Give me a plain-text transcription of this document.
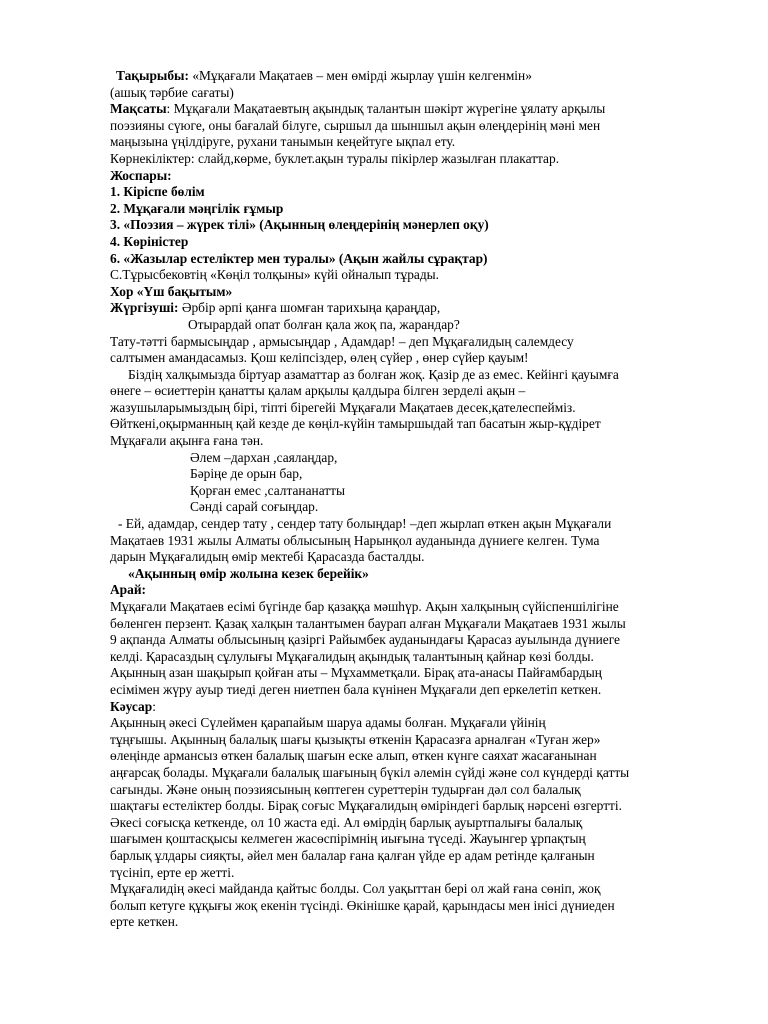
Тақырыбы: «Мұқағали Мақатаев – мен өмірді жырлау үшін келгенмін»
(ашық тәрбие сағаты)
Мақсаты: Мұқағали Мақатаевтың ақындық талантын шәкірт жүрегіне ұялату арқылы
поэзияны сүюге, оны бағалай білуге, сыршыл да шыншыл ақын өлеңдерінің мәні мен
маңызына үңілдіруге, рухани танымын кеңейтуге ықпал ету.
Көрнекіліктер: слайд,көрме, буклет.ақын туралы пікірлер жазылған плакаттар.
Жоспары:
1. Кіріспе бөлім
2. Мұқағали мәңгілік ғұмыр
3. «Поэзия – жүрек тілі» (Ақынның өлеңдерінің мәнерлеп оқу)
4. Көріністер
6. «Жазылар естеліктер мен туралы» (Ақын жайлы сұрақтар)
С.Тұрысбековтің «Көңіл толқыны» күйі ойналып тұрады.
Хор «Үш бақытым»
Жүргізуші: Әрбір әрпі қанға шомған тарихыңа қараңдар,
Отырардай опат болған қала жоқ па, жарандар?
Тату-тәтті бармысыңдар , армысыңдар , Адамдар! – деп Мұқағалидың салемдесу
салтымен амандасамыз. Қош келіпсіздер, өлең сүйер , өнер сүйер қауым!
Біздің халқымызда біртуар азаматтар аз болған жоқ. Қазір де аз емес. Кейінгі қауымға
өнеге – өсиеттерін қанатты қалам арқылы қалдыра білген зерделі ақын –
жазушыларымыздың бірі, тіпті бірегейі Мұқағали Мақатаев десек,қателеспейміз.
Өйткені,оқырманның қай кезде де көңіл-күйін тамыршыдай тап басатын жыр-құдірет
Мұқағали ақынға ғана тән.
Әлем –дархан ,саялаңдар,
Бәріңе де орын бар,
Қорған емес ,салтананатты
Сәнді сарай соғыңдар.
- Ей, адамдар, сендер тату , сендер тату болыңдар! –деп жырлап өткен ақын Мұқағали
Мақатаев 1931 жылы Алматы облысының Нарынқол ауданында дүниеге келген. Тума
дарын Мұқағалидың өмір мектебі Қарасазда басталды.
«Ақынның өмір жолына кезек берейік»
Арай:
Мұқағали Мақатаев есімі бүгінде бар қазаққа мәшһүр. Ақын халқының сүйіспеншілігіне
бөленген перзент. Қазақ халқын талантымен баурап алған Мұқағали Мақатаев 1931 жылы
9 ақпанда Алматы облысының қазіргі Райымбек ауданындағы Қарасаз ауылында дүниеге
келді. Қарасаздың сұлулығы Мұқағалидың ақындық талантының қайнар көзі болды.
Ақынның азан шақырып қойған аты – Мұхамметқали. Бірақ ата-анасы Пайғамбардың
есімімен жүру ауыр тиеді деген ниетпен бала күнінен Мұқағали деп еркелетіп кеткен.
Кәусар:
Ақынның әкесі Сүлеймен қарапайым шаруа адамы болған. Мұқағали үйінің
тұңғышы. Ақынның балалық шағы қызықты өткенін Қарасазға арналған «Туған жер»
өлеңінде армансыз өткен балалық шағын еске алып, өткен күнге саяхат жасағанынан
аңғарсақ болады. Мұқағали балалық шағының бүкіл әлемін сүйді және сол күндерді қатты
сағынды. Және оның поэзиясының көптеген суреттерін тудырған дәл сол балалық
шақтағы естеліктер болды. Бірақ соғыс Мұқағалидың өміріндегі барлық нәрсені өзгертті.
Әкесі соғысқа кеткенде, ол 10 жаста еді. Ал өмірдің барлық ауыртпалығы балалық
шағымен қоштасқысы келмеген жасөспірімнің иығына түседі. Жауынгер ұрпақтың
барлық ұлдары сияқты, әйел мен балалар ғана қалған үйде ер адам ретінде қалғанын
түсініп, ерте ер жетті.
Мұқағалидің әкесі майданда қайтыс болды. Сол уақыттан бері ол жай ғана сөніп, жоқ
болып кетуге құқығы жоқ екенін түсінді. Өкінішке қарай, қарындасы мен інісі дүниеден
ерте кеткен.
